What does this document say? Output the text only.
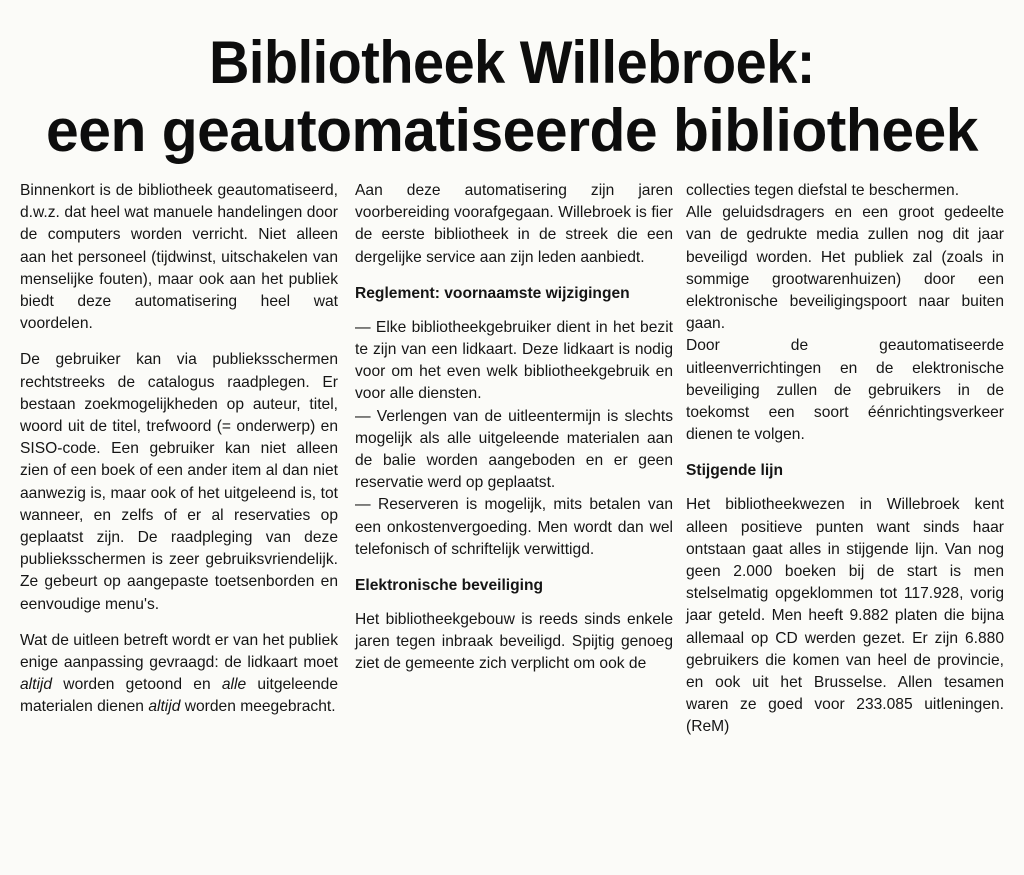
Bibliotheek Willebroek:
een geautomatiseerde bibliotheek

Binnenkort is de bibliotheek geautomatiseerd, d.w.z. dat heel wat manuele handelingen door de computers worden verricht. Niet alleen aan het personeel (tijdwinst, uitschakelen van menselijke fouten), maar ook aan het publiek biedt deze automatisering heel wat voordelen.

De gebruiker kan via publieksschermen rechtstreeks de catalogus raadplegen. Er bestaan zoekmogelijkheden op auteur, titel, woord uit de titel, trefwoord (= onderwerp) en SISO-code. Een gebruiker kan niet alleen zien of een boek of een ander item al dan niet aanwezig is, maar ook of het uitgeleend is, tot wanneer, en zelfs of er al reservaties op geplaatst zijn. De raadpleging van deze publieksschermen is zeer gebruiksvriendelijk. Ze gebeurt op aangepaste toetsenborden en eenvoudige menu's.

Wat de uitleen betreft wordt er van het publiek enige aanpassing gevraagd: de lidkaart moet altijd worden getoond en alle uitgeleende materialen dienen altijd worden meegebracht.

Aan deze automatisering zijn jaren voorbereiding voorafgegaan. Willebroek is fier de eerste bibliotheek in de streek die een dergelijke service aan zijn leden aanbiedt.

Reglement: voornaamste wijzigingen

— Elke bibliotheekgebruiker dient in het bezit te zijn van een lidkaart. Deze lidkaart is nodig voor om het even welk bibliotheekgebruik en voor alle diensten.

— Verlengen van de uitleentermijn is slechts mogelijk als alle uitgeleende materialen aan de balie worden aangeboden en er geen reservatie werd op geplaatst.

— Reserveren is mogelijk, mits betalen van een onkostenvergoeding. Men wordt dan wel telefonisch of schriftelijk verwittigd.

Elektronische beveiliging

Het bibliotheekgebouw is reeds sinds enkele jaren tegen inbraak beveiligd. Spijtig genoeg ziet de gemeente zich verplicht om ook de

collecties tegen diefstal te beschermen.

Alle geluidsdragers en een groot gedeelte van de gedrukte media zullen nog dit jaar beveiligd worden. Het publiek zal (zoals in sommige grootwarenhuizen) door een elektronische beveiligingspoort naar buiten gaan.

Door de geautomatiseerde uitleenverrichtingen en de elektronische beveiliging zullen de gebruikers in de toekomst een soort éénrichtingsverkeer dienen te volgen.

Stijgende lijn

Het bibliotheekwezen in Willebroek kent alleen positieve punten want sinds haar ontstaan gaat alles in stijgende lijn. Van nog geen 2.000 boeken bij de start is men stelselmatig opgeklommen tot 117.928, vorig jaar geteld. Men heeft 9.882 platen die bijna allemaal op CD werden gezet. Er zijn 6.880 gebruikers die komen van heel de provincie, en ook uit het Brusselse. Allen tesamen waren ze goed voor 233.085 uitleningen. (ReM)
